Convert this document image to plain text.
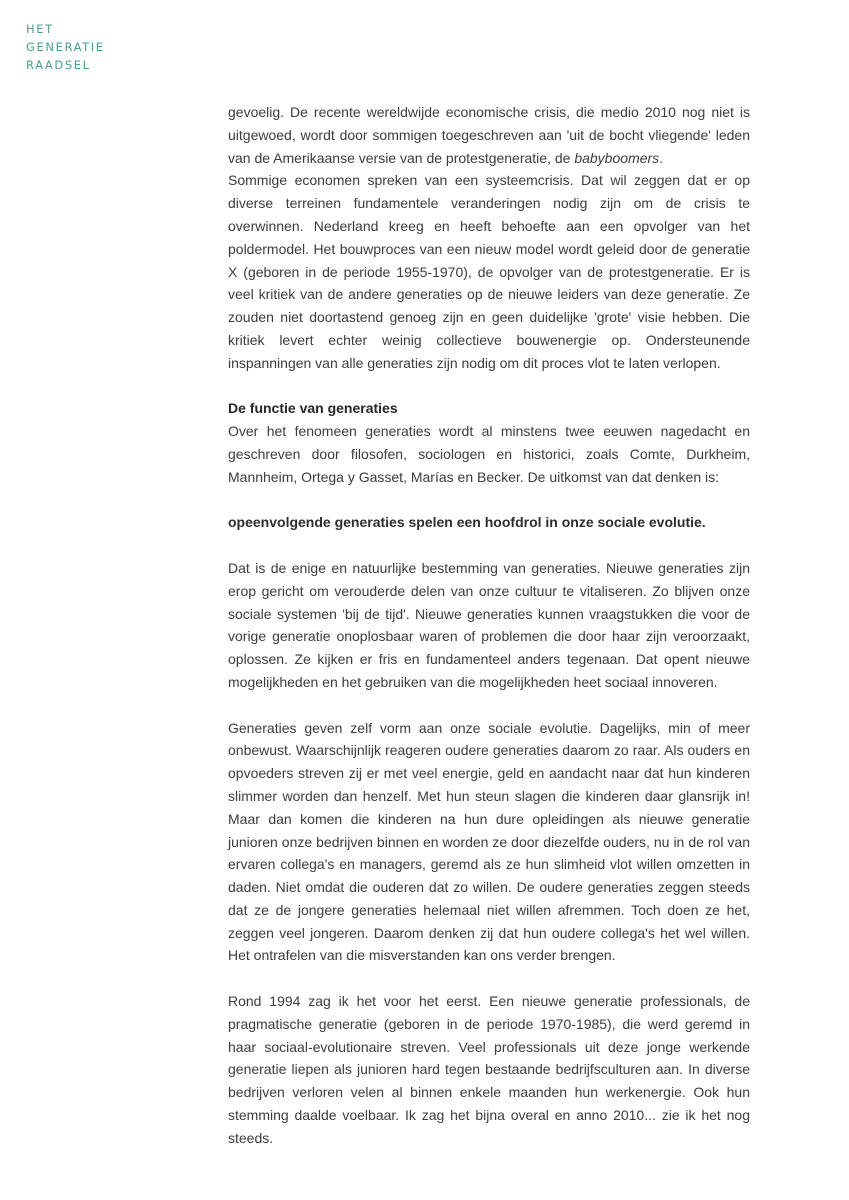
HET
GENERATIE
RAADSEL

gevoelig. De recente wereldwijde economische crisis, die medio 2010 nog niet is uitgewoed, wordt door sommigen toegeschreven aan 'uit de bocht vliegende' leden van de Amerikaanse versie van de protestgeneratie, de babyboomers.

Sommige economen spreken van een systeemcrisis. Dat wil zeggen dat er op diverse terreinen fundamentele veranderingen nodig zijn om de crisis te overwinnen. Nederland kreeg en heeft behoefte aan een opvolger van het poldermodel. Het bouwproces van een nieuw model wordt geleid door de generatie X (geboren in de periode 1955-1970), de opvolger van de protestgeneratie. Er is veel kritiek van de andere generaties op de nieuwe leiders van deze generatie. Ze zouden niet doortastend genoeg zijn en geen duidelijke 'grote' visie hebben. Die kritiek levert echter weinig collectieve bouwenergie op. Ondersteunende inspanningen van alle generaties zijn nodig om dit proces vlot te laten verlopen.

De functie van generaties

Over het fenomeen generaties wordt al minstens twee eeuwen nagedacht en geschreven door filosofen, sociologen en historici, zoals Comte, Durkheim, Mannheim, Ortega y Gasset, Marías en Becker. De uitkomst van dat denken is:

opeenvolgende generaties spelen een hoofdrol in onze sociale evolutie.

Dat is de enige en natuurlijke bestemming van generaties. Nieuwe generaties zijn erop gericht om verouderde delen van onze cultuur te vitaliseren. Zo blijven onze sociale systemen 'bij de tijd'. Nieuwe generaties kunnen vraagstukken die voor de vorige generatie onoplosbaar waren of problemen die door haar zijn veroorzaakt, oplossen. Ze kijken er fris en fundamenteel anders tegenaan. Dat opent nieuwe mogelijkheden en het gebruiken van die mogelijkheden heet sociaal innoveren.

Generaties geven zelf vorm aan onze sociale evolutie. Dagelijks, min of meer onbewust. Waarschijnlijk reageren oudere generaties daarom zo raar. Als ouders en opvoeders streven zij er met veel energie, geld en aandacht naar dat hun kinderen slimmer worden dan henzelf. Met hun steun slagen die kinderen daar glansrijk in! Maar dan komen die kinderen na hun dure opleidingen als nieuwe generatie junioren onze bedrijven binnen en worden ze door diezelfde ouders, nu in de rol van ervaren collega's en managers, geremd als ze hun slimheid vlot willen omzetten in daden. Niet omdat die ouderen dat zo willen. De oudere generaties zeggen steeds dat ze de jongere generaties helemaal niet willen afremmen. Toch doen ze het, zeggen veel jongeren. Daarom denken zij dat hun oudere collega's het wel willen. Het ontrafelen van die misverstanden kan ons verder brengen.

Rond 1994 zag ik het voor het eerst. Een nieuwe generatie professionals, de pragmatische generatie (geboren in de periode 1970-1985), die werd geremd in haar sociaal-evolutionaire streven. Veel professionals uit deze jonge werkende generatie liepen als junioren hard tegen bestaande bedrijfsculturen aan. In diverse bedrijven verloren velen al binnen enkele maanden hun werkenergie. Ook hun stemming daalde voelbaar. Ik zag het bijna overal en anno 2010... zie ik het nog steeds.
